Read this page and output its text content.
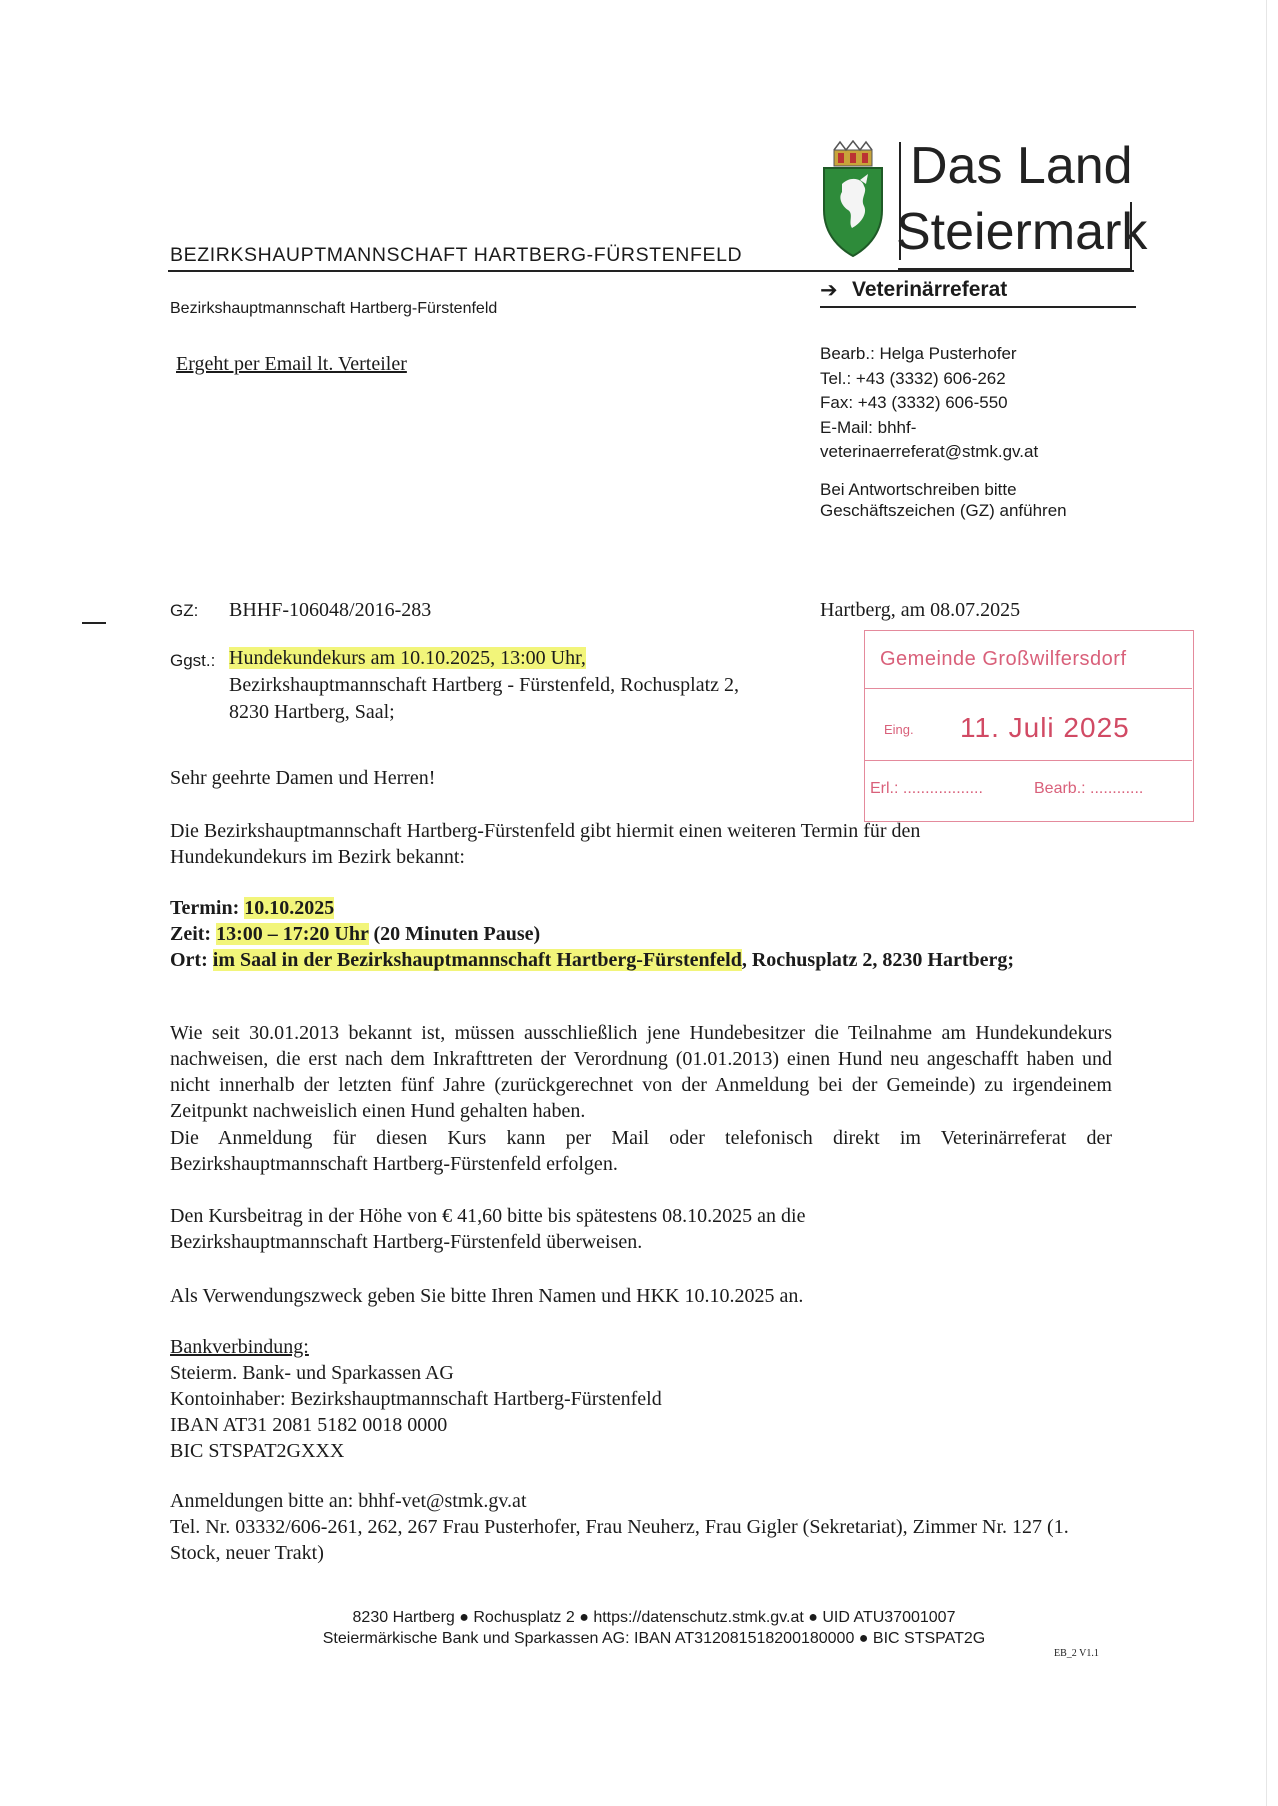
BEZIRKSHAUPTMANNSCHAFT HARTBERG-FÜRSTENFELD
Das Land
Steiermark
➔ Veterinärreferat
Bezirkshauptmannschaft Hartberg-Fürstenfeld
Ergeht per Email lt. Verteiler	Bearb.: Helga Pusterhofer
Tel.: +43 (3332) 606-262
Fax: +43 (3332) 606-550
E-Mail: bhhf-
veterinaerreferat@stmk.gv.at
Bei Antwortschreiben bitte
Geschäftszeichen (GZ) anführen
GZ: BHHF-106048/2016-283	Hartberg, am 08.07.2025
Ggst.: Hundekundekurs am 10.10.2025, 13:00 Uhr,
Bezirkshauptmannschaft Hartberg - Fürstenfeld, Rochusplatz 2,
8230 Hartberg, Saal;
Gemeinde Großwilfersdorf
Eing. 11. Juli 2025
Erl.: ..................	Bearb.: ............
Sehr geehrte Damen und Herren!

Die Bezirkshauptmannschaft Hartberg-Fürstenfeld gibt hiermit einen weiteren Termin für den Hundekundekurs im Bezirk bekannt:

Termin: 10.10.2025
Zeit: 13:00 – 17:20 Uhr (20 Minuten Pause)
Ort: im Saal in der Bezirkshauptmannschaft Hartberg-Fürstenfeld, Rochusplatz 2, 8230 Hartberg;

Wie seit 30.01.2013 bekannt ist, müssen ausschließlich jene Hundebesitzer die Teilnahme am Hundekundekurs nachweisen, die erst nach dem Inkrafttreten der Verordnung (01.01.2013) einen Hund neu angeschafft haben und nicht innerhalb der letzten fünf Jahre (zurückgerechnet von der Anmeldung bei der Gemeinde) zu irgendeinem Zeitpunkt nachweislich einen Hund gehalten haben.

Die Anmeldung für diesen Kurs kann per Mail oder telefonisch direkt im Veterinärreferat der Bezirkshauptmannschaft Hartberg-Fürstenfeld erfolgen.

Den Kursbeitrag in der Höhe von € 41,60 bitte bis spätestens 08.10.2025 an die
Bezirkshauptmannschaft Hartberg-Fürstenfeld überweisen.
Als Verwendungszweck geben Sie bitte Ihren Namen und HKK 10.10.2025 an.
Bankverbindung:
Steierm. Bank- und Sparkassen AG
Kontoinhaber: Bezirkshauptmannschaft Hartberg-Fürstenfeld
IBAN AT31 2081 5182 0018 0000
BIC STSPAT2GXXX
Anmeldungen bitte an: bhhf-vet@stmk.gv.at
Tel. Nr. 03332/606-261, 262, 267 Frau Pusterhofer, Frau Neuherz, Frau Gigler (Sekretariat), Zimmer Nr. 127 (1. Stock, neuer Trakt)
8230 Hartberg ● Rochusplatz 2 ● https://datenschutz.stmk.gv.at ● UID ATU37001007
Steiermärkische Bank und Sparkassen AG: IBAN AT312081518200180000 ● BIC STSPAT2G
EB_2 V1.1
